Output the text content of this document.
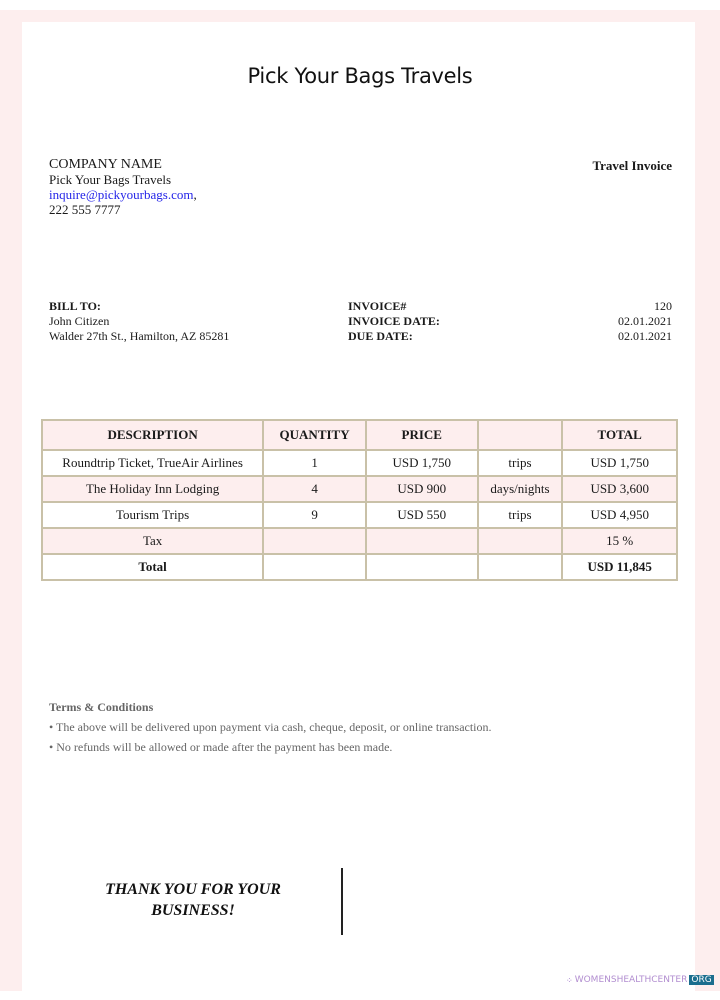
Pick Your Bags Travels
COMPANY NAME
Pick Your Bags Travels
inquire@pickyourbags.com,
222 555 7777
Travel Invoice
BILL TO:
John Citizen
Walder 27th St., Hamilton, AZ 85281
INVOICE#	120
INVOICE DATE:	02.01.2021
DUE DATE:	02.01.2021
DESCRIPTION	QUANTITY	PRICE		TOTAL
Roundtrip Ticket, TrueAir Airlines	1	USD 1,750	trips	USD 1,750
The Holiday Inn Lodging	4	USD 900	days/nights	USD 3,600
Tourism Trips	9	USD 550	trips	USD 4,950
Tax				15 %
Total				USD 11,845
Terms & Conditions
• The above will be delivered upon payment via cash, cheque, deposit, or online transaction.
• No refunds will be allowed or made after the payment has been made.
THANK YOU FOR YOUR BUSINESS!
⁘ WOMENSHEALTHCENTER ORG
